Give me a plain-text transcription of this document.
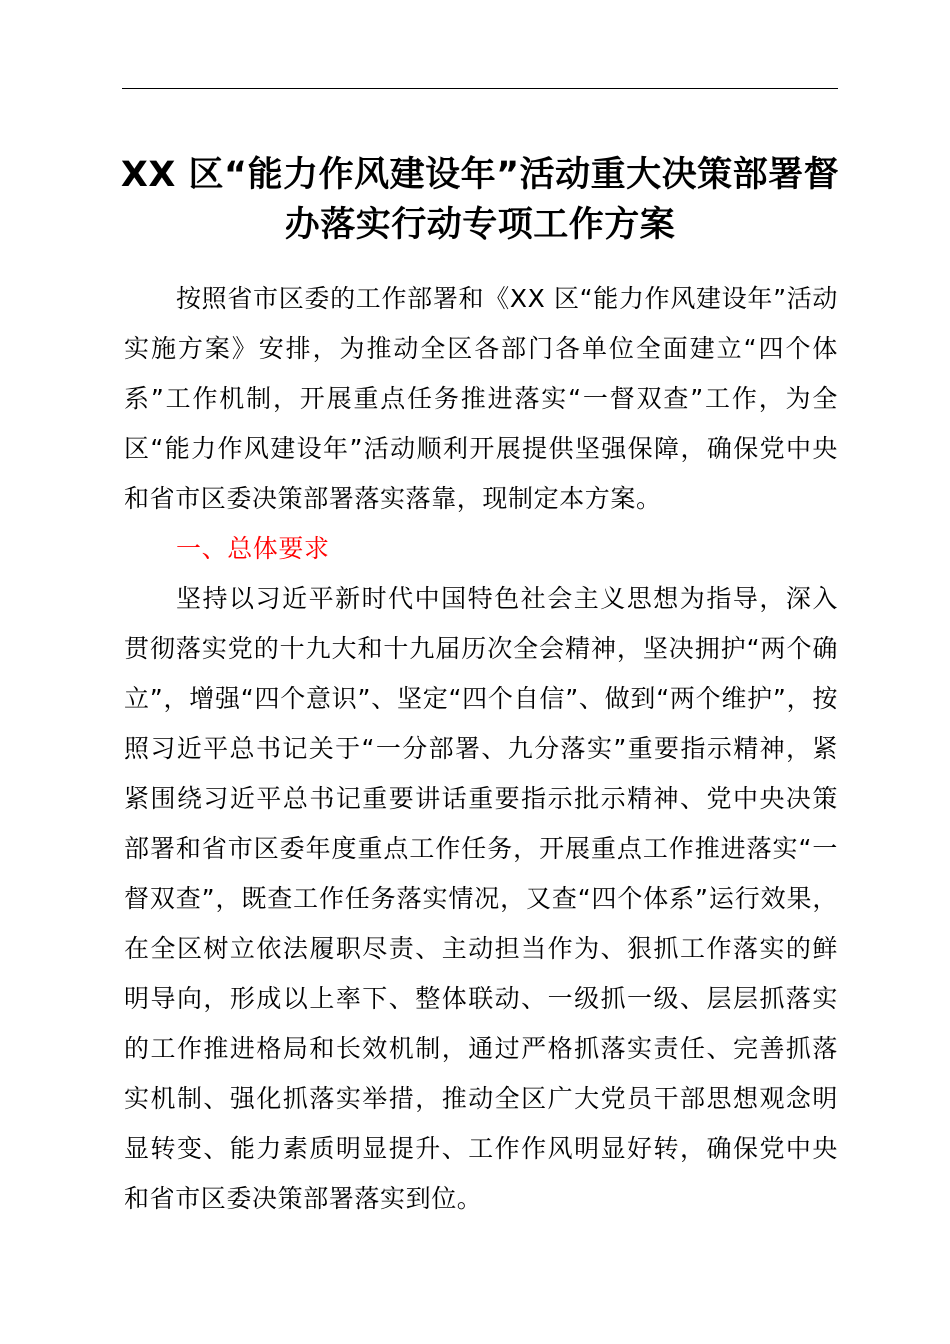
XX 区“能力作风建设年”活动重大决策部署督
办落实行动专项工作方案

按照省市区委的工作部署和《XX 区“能力作风建设年”活动实施方案》安排，为推动全区各部门各单位全面建立“四个体系”工作机制，开展重点任务推进落实“一督双查”工作，为全区“能力作风建设年”活动顺利开展提供坚强保障，确保党中央和省市区委决策部署落实落靠，现制定本方案。

一、总体要求

坚持以习近平新时代中国特色社会主义思想为指导，深入贯彻落实党的十九大和十九届历次全会精神，坚决拥护“两个确立”，增强“四个意识”、坚定“四个自信”、做到“两个维护”，按照习近平总书记关于“一分部署、九分落实”重要指示精神，紧紧围绕习近平总书记重要讲话重要指示批示精神、党中央决策部署和省市区委年度重点工作任务，开展重点工作推进落实“一督双查”，既查工作任务落实情况，又查“四个体系”运行效果，在全区树立依法履职尽责、主动担当作为、狠抓工作落实的鲜明导向，形成以上率下、整体联动、一级抓一级、层层抓落实的工作推进格局和长效机制，通过严格抓落实责任、完善抓落实机制、强化抓落实举措，推动全区广大党员干部思想观念明显转变、能力素质明显提升、工作作风明显好转，确保党中央和省市区委决策部署落实到位。
